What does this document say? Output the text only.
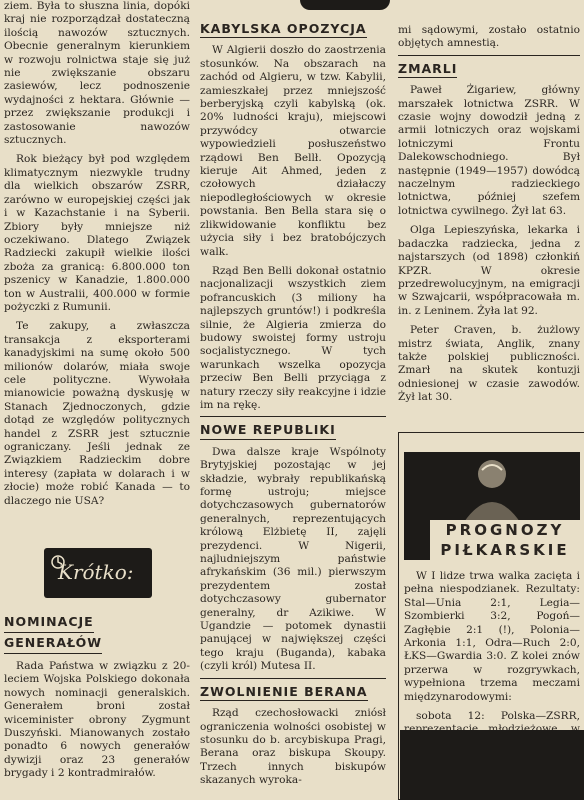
ziem. Była to słuszna linia, dopóki kraj nie rozporządzał dostateczną ilością nawozów sztucznych. Obecnie generalnym kierunkiem w rozwoju rolnictwa staje się już nie zwiększanie obszaru zasiewów, lecz podnoszenie wydajności z hektara. Głównie — przez zwiększanie produkcji i zastosowanie nawozów sztucznych.

Rok bieżący był pod względem klimatycznym niezwykle trudny dla wielkich obszarów ZSRR, zarówno w europejskiej części jak i w Kazachstanie i na Syberii. Zbiory były mniejsze niż oczekiwano. Dlatego Związek Radziecki zakupił wielkie ilości zboża za granicą: 6.800.000 ton pszenicy w Kanadzie, 1.800.000 ton w Australii, 400.000 w formie pożyczki z Rumunii.

Te zakupy, a zwłaszcza transakcja z eksporterami kanadyjskimi na sumę około 500 milionów dolarów, miała swoje cele polityczne. Wywołała mianowicie poważną dyskusję w Stanach Zjednoczonych, gdzie dotąd ze względów politycznych handel z ZSRR jest sztucznie ograniczany. Jeśli jednak ze Związkiem Radzieckim dobre interesy (zapłata w dolarach i w złocie) może robić Kanada — to dlaczego nie USA?

Krótko:
NOMINACJE
GENERAŁÓW

Rada Państwa w związku z 20-leciem Wojska Polskiego dokonała nowych nominacji generalskich. Generałem broni został wiceminister obrony Zygmunt Duszyński. Mianowanych zostało ponadto 6 nowych generałów dywizji oraz 23 generałów brygady i 2 kontradmirałów.

KABYLSKA OPOZYCJA

W Algierii doszło do zaostrzenia stosunków. Na obszarach na zachód od Algieru, w tzw. Kabylii, zamieszkałej przez mniejszość berberyjską czyli kabylską (ok. 20% ludności kraju), miejscowi przywódcy otwarcie wypowiedzieli posłuszeństwo rządowi Ben Bellł. Opozycją kieruje Ait Ahmed, jeden z czołowych działaczy niepodległościowych w okresie powstania. Ben Bella stara się o zlikwidowanie konfliktu bez użycia siły i bez bratobójczych walk.

Rząd Ben Belli dokonał ostatnio nacjonalizacji wszystkich ziem pofrancuskich (3 miliony ha najlepszych gruntów!) i podkreśla silnie, że Algieria zmierza do budowy swoistej formy ustroju socjalistycznego. W tych warunkach wszelka opozycja przeciw Ben Belli przyciąga z natury rzeczy siły reakcyjne i idzie im na rękę.

NOWE REPUBLIKI

Dwa dalsze kraje Wspólnoty Brytyjskiej pozostając w jej składzie, wybrały republikańską formę ustroju; miejsce dotychczasowych gubernatorów generalnych, reprezentujących królową Elżbietę II, zajęli prezydenci. W Nigerii, najludniejszym państwie afrykańskim (36 mil.) pierwszym prezydentem został dotychczasowy gubernator generalny, dr Azikiwe. W Ugandzie — potomek dynastii panującej w największej części tego kraju (Buganda), kabaka (czyli król) Mutesa II.

ZWOLNIENIE BERANA

Rząd czechosłowacki zniósł ograniczenia wolności osobistej w stosunku do b. arcybiskupa Pragi, Berana oraz biskupa Skoupy. Trzech innych biskupów skazanych wyroka-

mi sądowymi, zostało ostatnio objętych amnestią.

ZMARLI

Paweł Żigariew, główny marszałek lotnictwa ZSRR. W czasie wojny dowodził jedną z armii lotniczych oraz wojskami lotniczymi Frontu Dalekowschodniego. Był następnie (1949—1957) dowódcą naczelnym radzieckiego lotnictwa, później szefem lotnictwa cywilnego. Żył lat 63.

Olga Lepieszyńska, lekarka i badaczka radziecka, jedna z najstarszych (od 1898) członkiń KPZR. W okresie przedrewolucyjnym, na emigracji w Szwajcarii, współpracowała m. in. z Leninem. Żyła lat 92.

Peter Craven, b. żużlowy mistrz świata, Anglik, znany także polskiej publiczności. Zmarł na skutek kontuzji odniesionej w czasie zawodów. Żył lat 30.

PROGNOZY
PIŁKARSKIE

W I lidze trwa walka zacięta i pełna niespodzianek. Rezultaty: Stal—Unia 2:1, Legia—Szombierki 3:2, Pogoń—Zagłębie 2:1 (!), Polonia—Arkonia 1:1, Odra—Ruch 2:0, ŁKS—Gwardia 3:0. Z kolei znów przerwa w rozgrywkach, wypełniona trzema meczami międzynarodowymi:

sobota 12: Polska—ZSRR,
